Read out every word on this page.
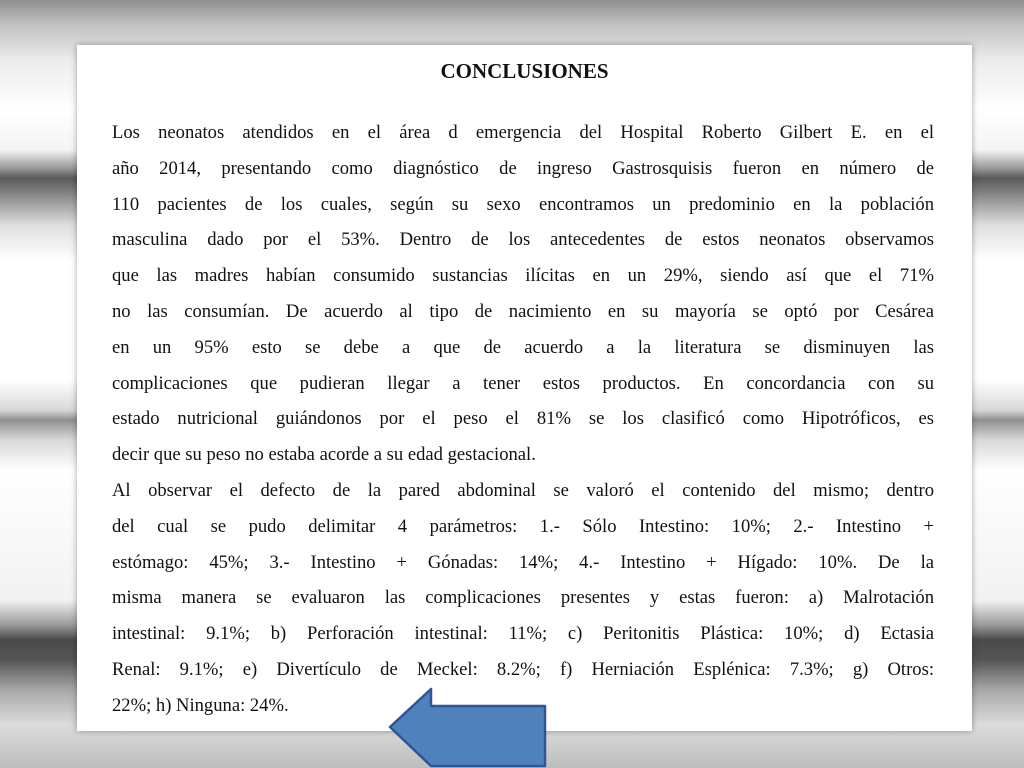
CONCLUSIONES

Los neonatos atendidos en el área d emergencia del Hospital Roberto Gilbert E. en el
año 2014, presentando como diagnóstico de ingreso Gastrosquisis fueron en número de
110 pacientes de los cuales, según su sexo encontramos un predominio en la población
masculina dado por el 53%. Dentro de los antecedentes de estos neonatos observamos
que las madres habían consumido sustancias ilícitas en un 29%, siendo así que el 71%
no las consumían. De acuerdo al tipo de nacimiento en su mayoría se optó por Cesárea
en un 95% esto se debe a que de acuerdo a la literatura se disminuyen las
complicaciones que pudieran llegar a tener estos productos. En concordancia con su
estado nutricional guiándonos por el peso el 81% se los clasificó como Hipotróficos, es
decir que su peso no estaba acorde a su edad gestacional.

Al observar el defecto de la pared abdominal se valoró el contenido del mismo; dentro
del cual se pudo delimitar 4 parámetros: 1.- Sólo Intestino: 10%; 2.- Intestino +
estómago: 45%; 3.- Intestino + Gónadas: 14%; 4.- Intestino + Hígado: 10%. De la
misma manera se evaluaron las complicaciones presentes y estas fueron: a) Malrotación
intestinal: 9.1%; b) Perforación intestinal: 11%; c) Peritonitis Plástica: 10%; d) Ectasia
Renal: 9.1%; e) Divertículo de Meckel: 8.2%; f) Herniación Esplénica: 7.3%; g) Otros:
22%; h) Ninguna: 24%.
